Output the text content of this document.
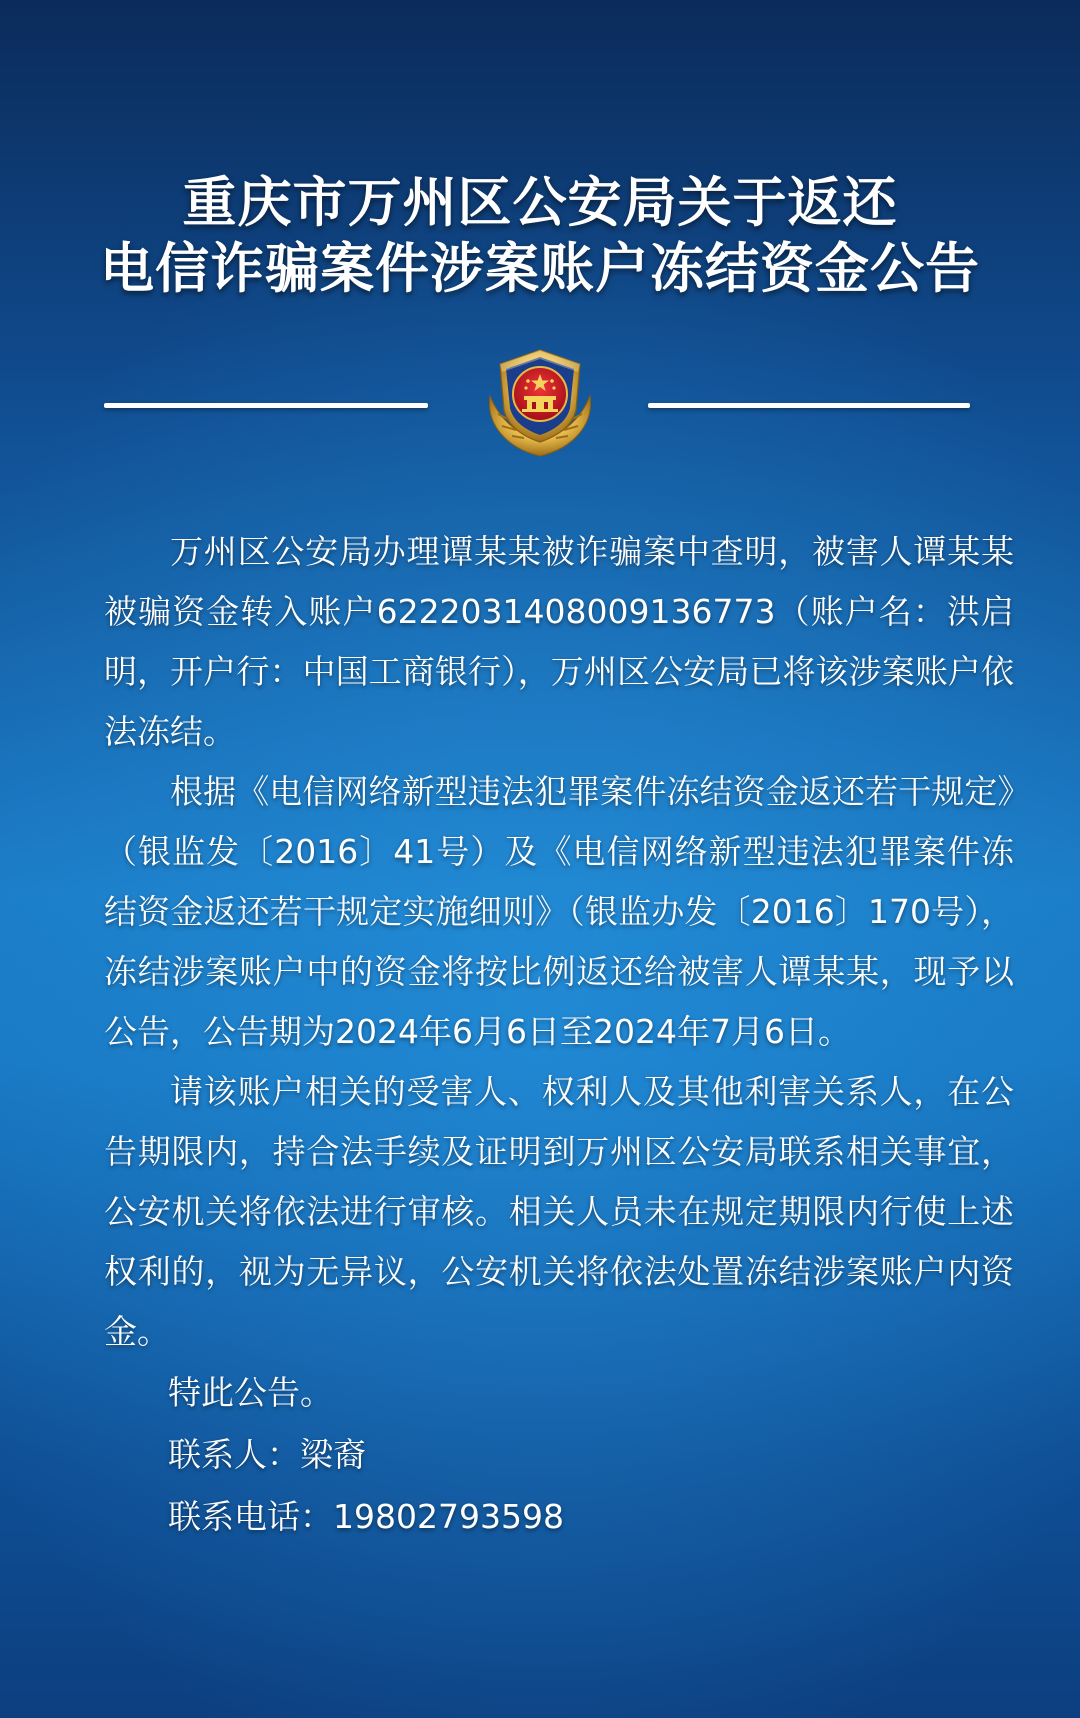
重庆市万州区公安局关于返还
电信诈骗案件涉案账户冻结资金公告

万州区公安局办理谭某某被诈骗案中查明，被害人谭某某被骗资金转入账户6222031408009136773（账户名：洪启明，开户行：中国工商银行），万州区公安局已将该涉案账户依法冻结。

根据《电信网络新型违法犯罪案件冻结资金返还若干规定》（银监发〔2016〕41号）及《电信网络新型违法犯罪案件冻结资金返还若干规定实施细则》（银监办发〔2016〕170号），冻结涉案账户中的资金将按比例返还给被害人谭某某，现予以公告，公告期为2024年6月6日至2024年7月6日。

请该账户相关的受害人、权利人及其他利害关系人，在公告期限内，持合法手续及证明到万州区公安局联系相关事宜，公安机关将依法进行审核。相关人员未在规定期限内行使上述权利的，视为无异议，公安机关将依法处置冻结涉案账户内资金。

特此公告。

联系人：梁裔

联系电话：19802793598
